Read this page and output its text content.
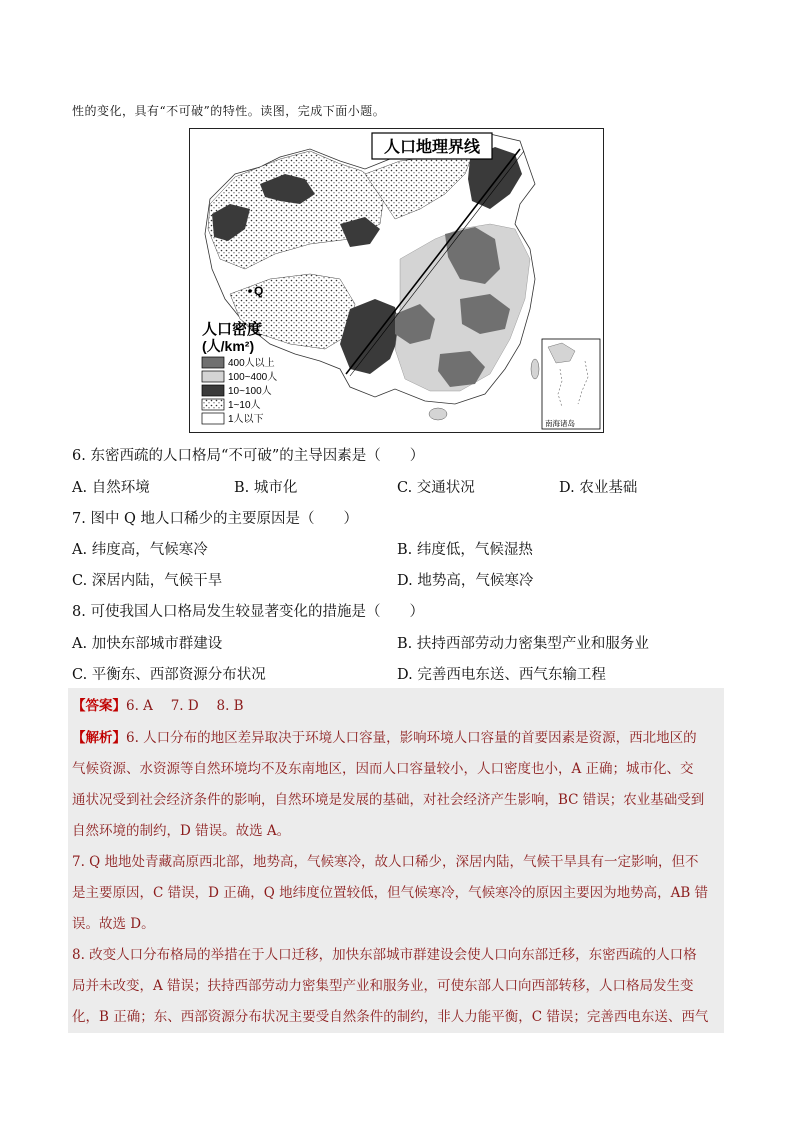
性的变化，具有“不可破”的特性。读图，完成下面小题。
人口地理界线
Q
人口密度
(人/km²)
400人以上
100~400人
10~100人
1~10人
1人以下	南海诸岛
6. 东密西疏的人口格局“不可破”的主导因素是（　　）
A. 自然环境	B. 城市化	C. 交通状况	D. 农业基础
7. 图中 Q 地人口稀少的主要原因是（　　）
A. 纬度高，气候寒冷	B. 纬度低，气候湿热
C. 深居内陆，气候干旱	D. 地势高，气候寒冷
8. 可使我国人口格局发生较显著变化的措施是（　　）
A. 加快东部城市群建设	B. 扶持西部劳动力密集型产业和服务业
C. 平衡东、西部资源分布状况	D. 完善西电东送、西气东输工程
【答案】6. A　 7. D　 8. B
【解析】6. 人口分布的地区差异取决于环境人口容量，影响环境人口容量的首要因素是资源，西北地区的
气候资源、水资源等自然环境均不及东南地区，因而人口容量较小，人口密度也小，A 正确；城市化、交
通状况受到社会经济条件的影响，自然环境是发展的基础，对社会经济产生影响，BC 错误；农业基础受到
自然环境的制约，D 错误。故选 A。
7. Q 地地处青藏高原西北部，地势高，气候寒冷，故人口稀少，深居内陆，气候干旱具有一定影响，但不
是主要原因，C 错误，D 正确，Q 地纬度位置较低，但气候寒冷，气候寒冷的原因主要因为地势高，AB 错
误。故选 D。
8. 改变人口分布格局的举措在于人口迁移，加快东部城市群建设会使人口向东部迁移，东密西疏的人口格
局并未改变，A 错误；扶持西部劳动力密集型产业和服务业，可使东部人口向西部转移，人口格局发生变
化，B 正确；东、西部资源分布状况主要受自然条件的制约，非人力能平衡，C 错误；完善西电东送、西气
